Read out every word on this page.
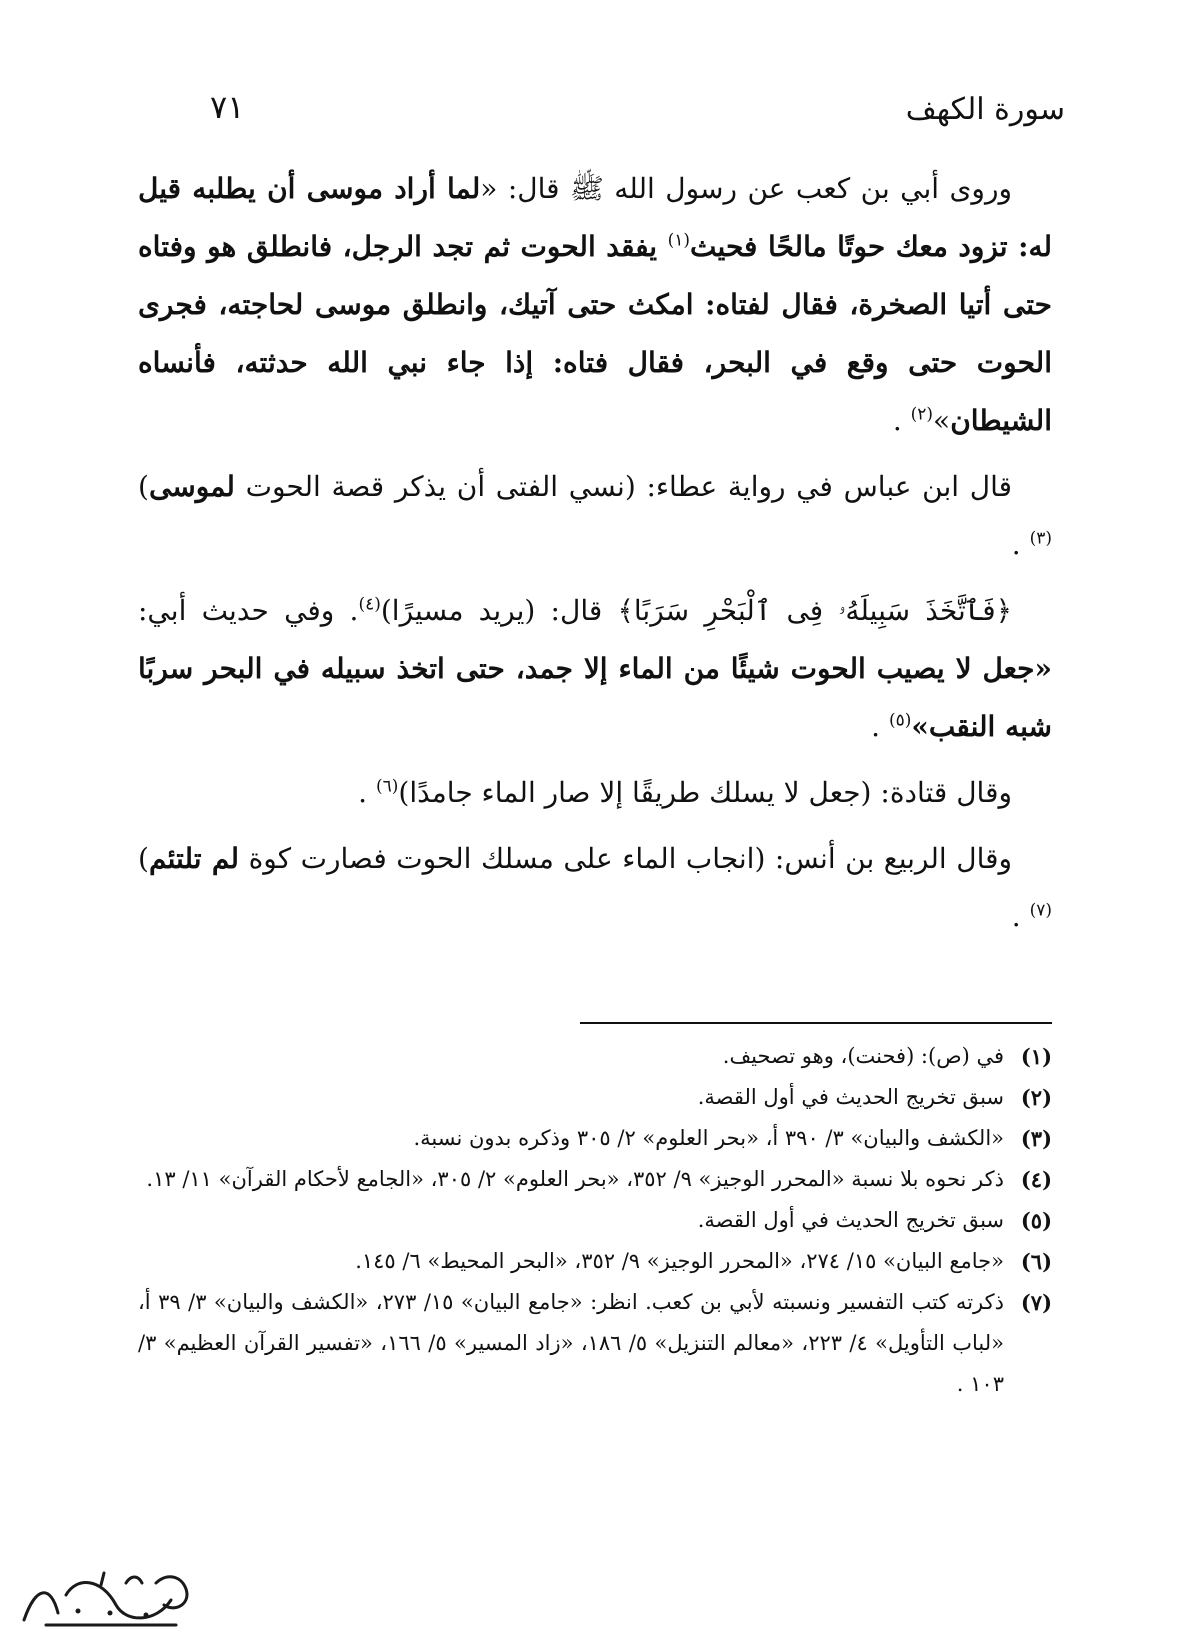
سورة الكهف
٧١

وروى أبي بن كعب عن رسول الله ﷺ قال: «لما أراد موسى أن يطلبه قيل له: تزود معك حوتًا مالحًا فحيث$^{(١)}$ يفقد الحوت ثم تجد الرجل، فانطلق هو وفتاه حتى أتيا الصخرة، فقال لفتاه: امكث حتى آتيك، وانطلق موسى لحاجته، فجرى الحوت حتى وقع في البحر، فقال فتاه: إذا جاء نبي الله حدثته، فأنساه الشيطان»$^{(٢)}$ .

قال ابن عباس في رواية عطاء: (نسي الفتى أن يذكر قصة الحوت لموسى)$^{(٣)}$ .

﴿فَٱتَّخَذَ سَبِيلَهُۥ فِى ٱلْبَحْرِ سَرَبًا﴾ قال: (يريد مسيرًا)$^{(٤)}$. وفي حديث أبي: «جعل لا يصيب الحوت شيئًا من الماء إلا جمد، حتى اتخذ سبيله في البحر سربًا شبه النقب»$^{(٥)}$ .

وقال قتادة: (جعل لا يسلك طريقًا إلا صار الماء جامدًا)$^{(٦)}$ .

وقال الربيع بن أنس: (انجاب الماء على مسلك الحوت فصارت كوة لم تلتئم)$^{(٧)}$ .

(١)
في (ص): (فحنت)، وهو تصحيف.
(٢)
سبق تخريج الحديث في أول القصة.
(٣)
«الكشف والبيان» ٣/ ٣٩٠ أ، «بحر العلوم» ٢/ ٣٠٥ وذكره بدون نسبة.
(٤)
ذكر نحوه بلا نسبة «المحرر الوجيز» ٩/ ٣٥٢، «بحر العلوم» ٢/ ٣٠٥، «الجامع لأحكام القرآن» ١١/ ١٣.
(٥)
سبق تخريج الحديث في أول القصة.
(٦)
«جامع البيان» ١٥/ ٢٧٤، «المحرر الوجيز» ٩/ ٣٥٢، «البحر المحيط» ٦/ ١٤٥.
(٧)
ذكرته كتب التفسير ونسبته لأبي بن كعب. انظر: «جامع البيان» ١٥/ ٢٧٣، «الكشف والبيان» ٣/ ٣٩ أ، «لباب التأويل» ٤/ ٢٢٣، «معالم التنزيل» ٥/ ١٨٦، «زاد المسير» ٥/ ١٦٦، «تفسير القرآن العظيم» ٣/ ١٠٣ .
